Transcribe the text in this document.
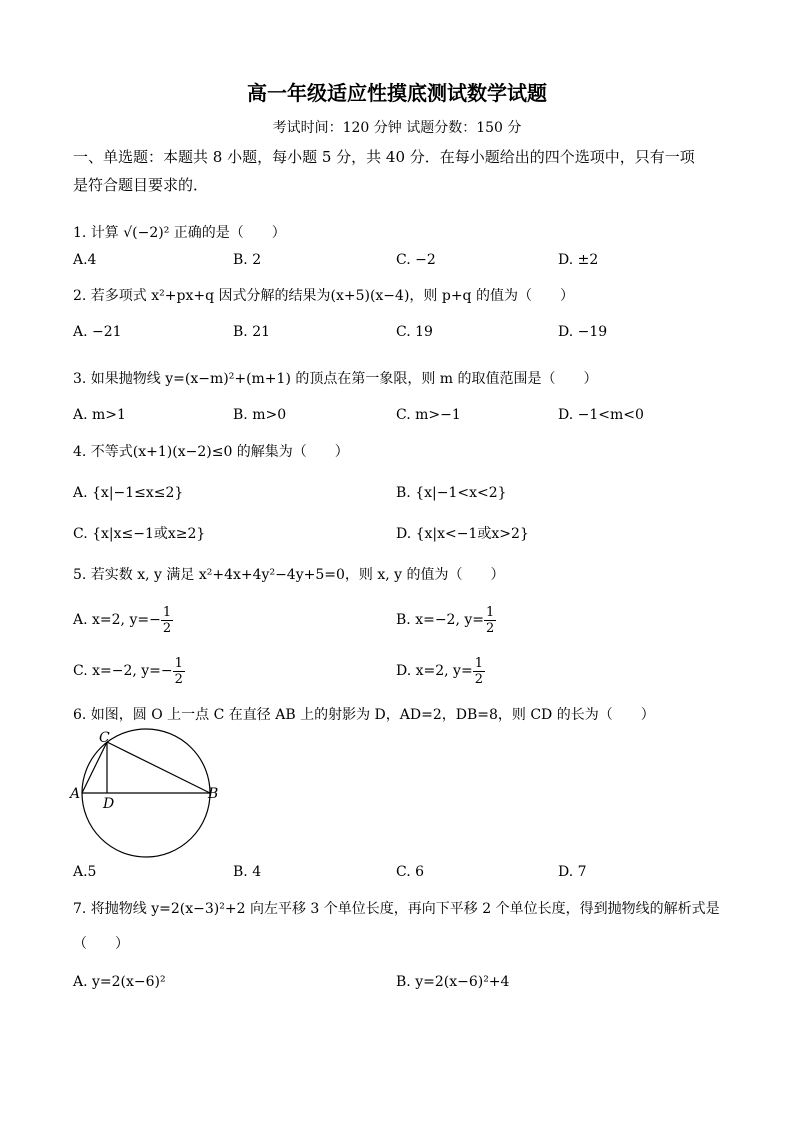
高一年级适应性摸底测试数学试题
考试时间：120 分钟 试题分数：150 分
一、单选题：本题共 8 小题，每小题 5 分，共 40 分．在每小题给出的四个选项中，只有一项
是符合题目要求的．
1. 计算 √(−2)² 正确的是（　　）
A.4	B. 2	C. −2	D. ±2
2. 若多项式 x²+px+q 因式分解的结果为(x+5)(x−4)，则 p+q 的值为（　　）
A. −21	B. 21	C. 19	D. −19
3. 如果抛物线 y=(x−m)²+(m+1) 的顶点在第一象限，则 m 的取值范围是（　　）
A. m>1	B. m>0	C. m>−1	D. −1<m<0
4. 不等式(x+1)(x−2)≤0 的解集为（　　）
A. {x|−1≤x≤2}	B. {x|−1<x<2}
C. {x|x≤−1或x≥2}	D. {x|x<−1或x>2}
5. 若实数 x, y 满足 x²+4x+4y²−4y+5=0，则 x, y 的值为（　　）
A. x=2, $y=- \frac{1}{2}$	B. x=−2, $y= \frac{1}{2}$
C. x=−2, $y=- \frac{1}{2}$	D. x=2, $y= \frac{1}{2}$
6. 如图，圆 O 上一点 C 在直径 AB 上的射影为 D，AD=2，DB=8，则 CD 的长为（　　）
C
A	B
D
A.5	B. 4	C. 6	D. 7
7. 将抛物线 y=2(x−3)²+2 向左平移 3 个单位长度，再向下平移 2 个单位长度，得到抛物线的解析式是
（　　）
A. y=2(x−6)²	B. y=2(x−6)²+4
